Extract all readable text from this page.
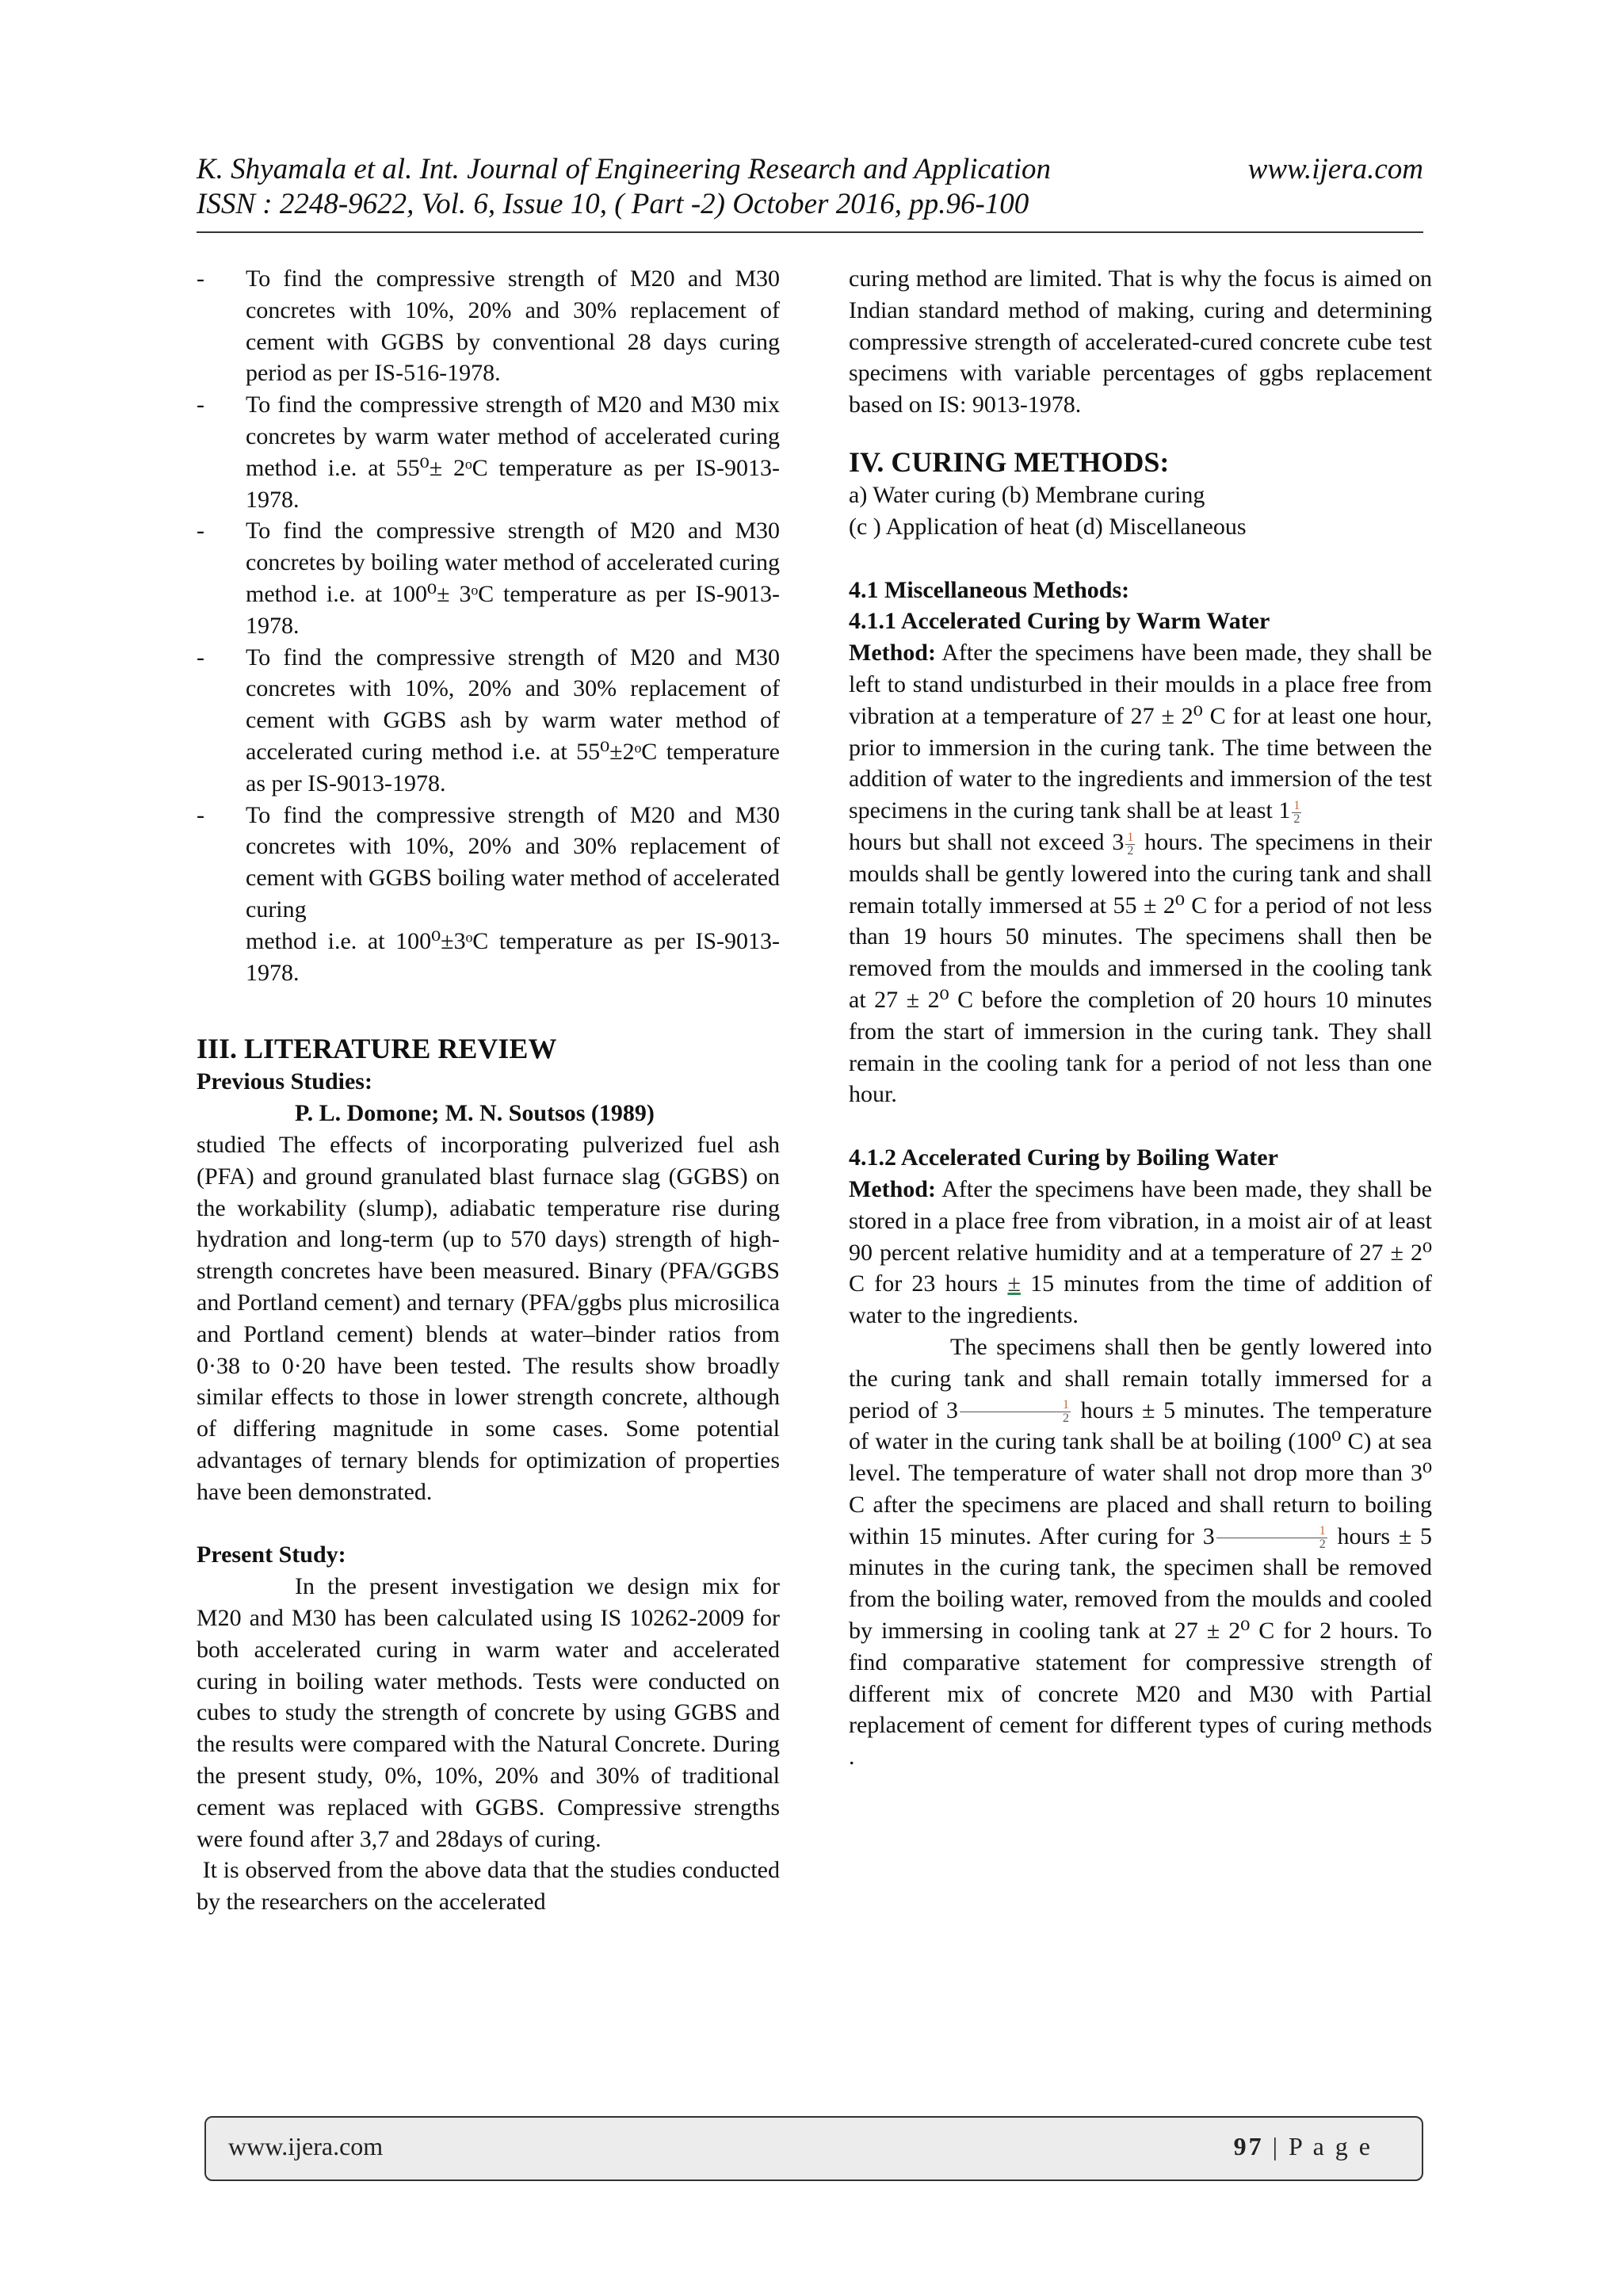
K. Shyamala et al. Int. Journal of Engineering Research and Application	www.ijera.com
ISSN : 2248-9622, Vol. 6, Issue 10, ( Part -2) October 2016, pp.96-100
- To find the compressive strength of M20 and M30 concretes with 10%, 20% and 30% replacement of cement with GGBS by conventional 28 days curing period as per IS-516-1978.
- To find the compressive strength of M20 and M30 mix concretes by warm water method of accelerated curing method i.e. at 55⁰± 2ᵒC temperature as per IS-9013-1978.
- To find the compressive strength of M20 and M30 concretes by boiling water method of accelerated curing method i.e. at 100⁰± 3ᵒC temperature as per IS-9013-1978.
- To find the compressive strength of M20 and M30 concretes with 10%, 20% and 30% replacement of cement with GGBS ash by warm water method of accelerated curing method i.e. at 55⁰±2ᵒC temperature as per IS-9013-1978.
- To find the compressive strength of M20 and M30 concretes with 10%, 20% and 30% replacement of cement with GGBS boiling water method of accelerated curing
method i.e. at 100⁰±3ᵒC temperature as per IS-9013-1978.

III. LITERATURE REVIEW

Previous Studies:

P. L. Domone; M. N. Soutsos (1989)

studied The effects of incorporating pulverized fuel ash (PFA) and ground granulated blast furnace slag (GGBS) on the workability (slump), adiabatic temperature rise during hydration and long-term (up to 570 days) strength of high-strength concretes have been measured. Binary (PFA/GGBS and Portland cement) and ternary (PFA/ggbs plus microsilica and Portland cement) blends at water–binder ratios from 0·38 to 0·20 have been tested. The results show broadly similar effects to those in lower strength concrete, although of differing magnitude in some cases. Some potential advantages of ternary blends for optimization of properties have been demonstrated.

Present Study:

In the present investigation we design mix for M20 and M30 has been calculated using IS 10262-2009 for both accelerated curing in warm water and accelerated curing in boiling water methods. Tests were conducted on cubes to study the strength of concrete by using GGBS and the results were compared with the Natural Concrete. During the present study, 0%, 10%, 20% and 30% of traditional cement was replaced with GGBS. Compressive strengths were found after 3,7 and 28days of curing.

It is observed from the above data that the studies conducted by the researchers on the accelerated

curing method are limited. That is why the focus is aimed on Indian standard method of making, curing and determining compressive strength of accelerated-cured concrete cube test specimens with variable percentages of ggbs replacement based on IS: 9013-1978.

IV. CURING METHODS:

a) Water curing (b) Membrane curing

(c ) Application of heat (d) Miscellaneous

4.1 Miscellaneous Methods:

4.1.1 Accelerated Curing by Warm Water

Method: After the specimens have been made, they shall be left to stand undisturbed in their moulds in a place free from vibration at a temperature of 27 ± 2⁰ C for at least one hour, prior to immersion in the curing tank. The time between the addition of water to the ingredients and immersion of the test specimens in the curing tank shall be at least $1 \frac{1}{2}$

hours but shall not exceed $3 \frac{1}{2}$ hours. The specimens in their moulds shall be gently lowered into the curing tank and shall remain totally immersed at 55 ± 2⁰ C for a period of not less than 19 hours 50 minutes. The specimens shall then be removed from the moulds and immersed in the cooling tank at 27 ± 2⁰ C before the completion of 20 hours 10 minutes from the start of immersion in the curing tank. They shall remain in the cooling tank for a period of not less than one hour.

4.1.2 Accelerated Curing by Boiling Water

Method: After the specimens have been made, they shall be stored in a place free from vibration, in a moist air of at least 90 percent relative humidity and at a temperature of 27 ± 2⁰ C for 23 hours ± 15 minutes from the time of addition of water to the ingredients.

The specimens shall then be gently lowered into the curing tank and shall remain totally immersed for a period of $3 \frac{1}{2}$ hours ± 5 minutes. The temperature of water in the curing tank shall be at boiling (100⁰ C) at sea level. The temperature of water shall not drop more than 3⁰ C after the specimens are placed and shall return to boiling within 15 minutes. After curing for $3 \frac{1}{2}$ hours ± 5 minutes in the curing tank, the specimen shall be removed from the boiling water, removed from the moulds and cooled by immersing in cooling tank at 27 ± 2⁰ C for 2 hours. To find comparative statement for compressive strength of different mix of concrete M20 and M30 with Partial replacement of cement for different types of curing methods .

www.ijera.com	97 | P a g e
